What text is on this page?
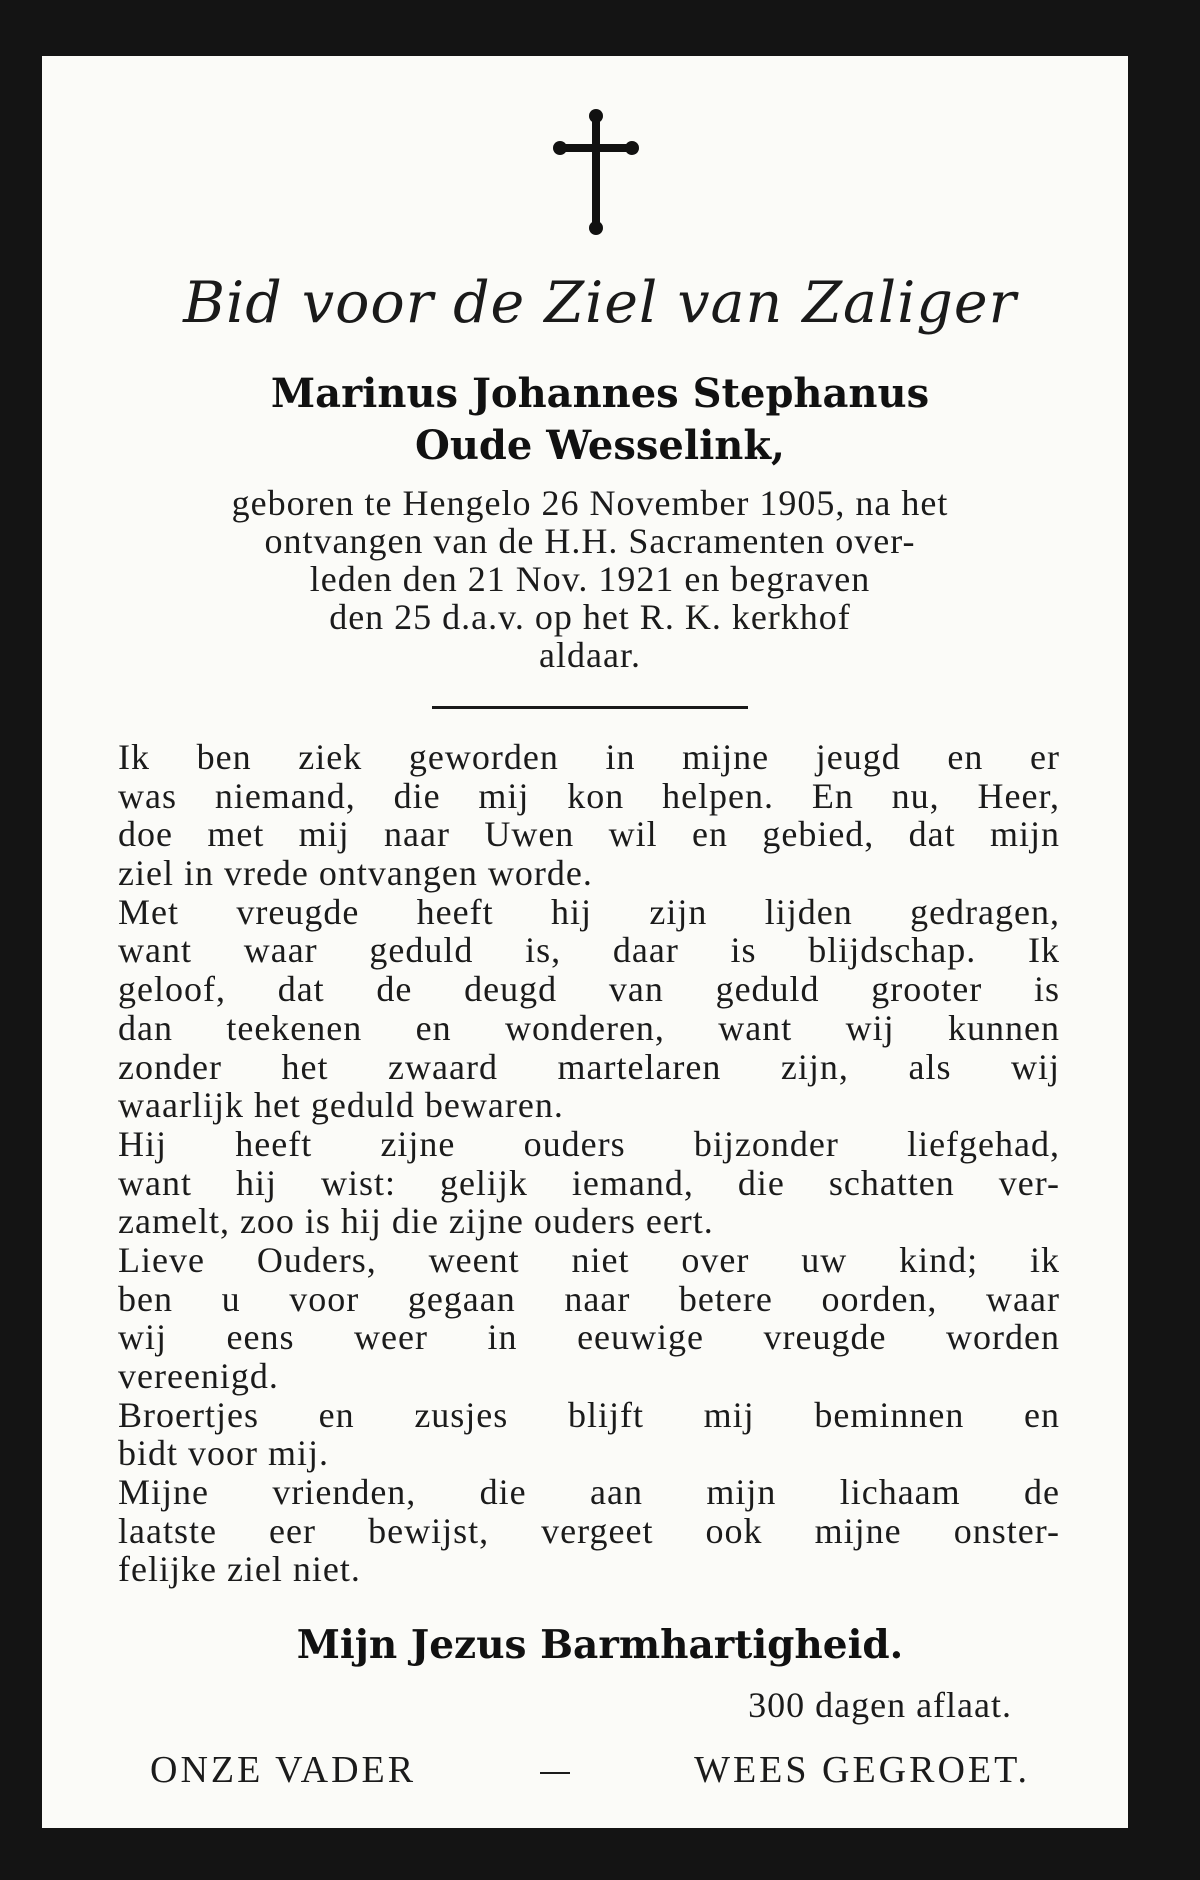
Bid voor de Ziel van Zaliger
Marinus Johannes Stephanus
Oude Wesselink,
geboren te Hengelo 26 November 1905, na het
ontvangen van de H.H. Sacramenten over-
leden den 21 Nov. 1921 en begraven
den 25 d.a.v. op het R. K. kerkhof
aldaar.
Ik ben ziek geworden in mijne jeugd en er
was niemand, die mij kon helpen. En nu, Heer,
doe met mij naar Uwen wil en gebied, dat mijn
ziel in vrede ontvangen worde.
Met vreugde heeft hij zijn lijden gedragen,
want waar geduld is, daar is blijdschap. Ik
geloof, dat de deugd van geduld grooter is
dan teekenen en wonderen, want wij kunnen
zonder het zwaard martelaren zijn, als wij
waarlijk het geduld bewaren.
Hij heeft zijne ouders bijzonder liefgehad,
want hij wist: gelijk iemand, die schatten ver-
zamelt, zoo is hij die zijne ouders eert.
Lieve Ouders, weent niet over uw kind; ik
ben u voor gegaan naar betere oorden, waar
wij eens weer in eeuwige vreugde worden
vereenigd.
Broertjes en zusjes blijft mij beminnen en
bidt voor mij.
Mijne vrienden, die aan mijn lichaam de
laatste eer bewijst, vergeet ook mijne onster-
felijke ziel niet.
Mijn Jezus Barmhartigheid.
300 dagen aflaat.
ONZE VADER	WEES GEGROET.
